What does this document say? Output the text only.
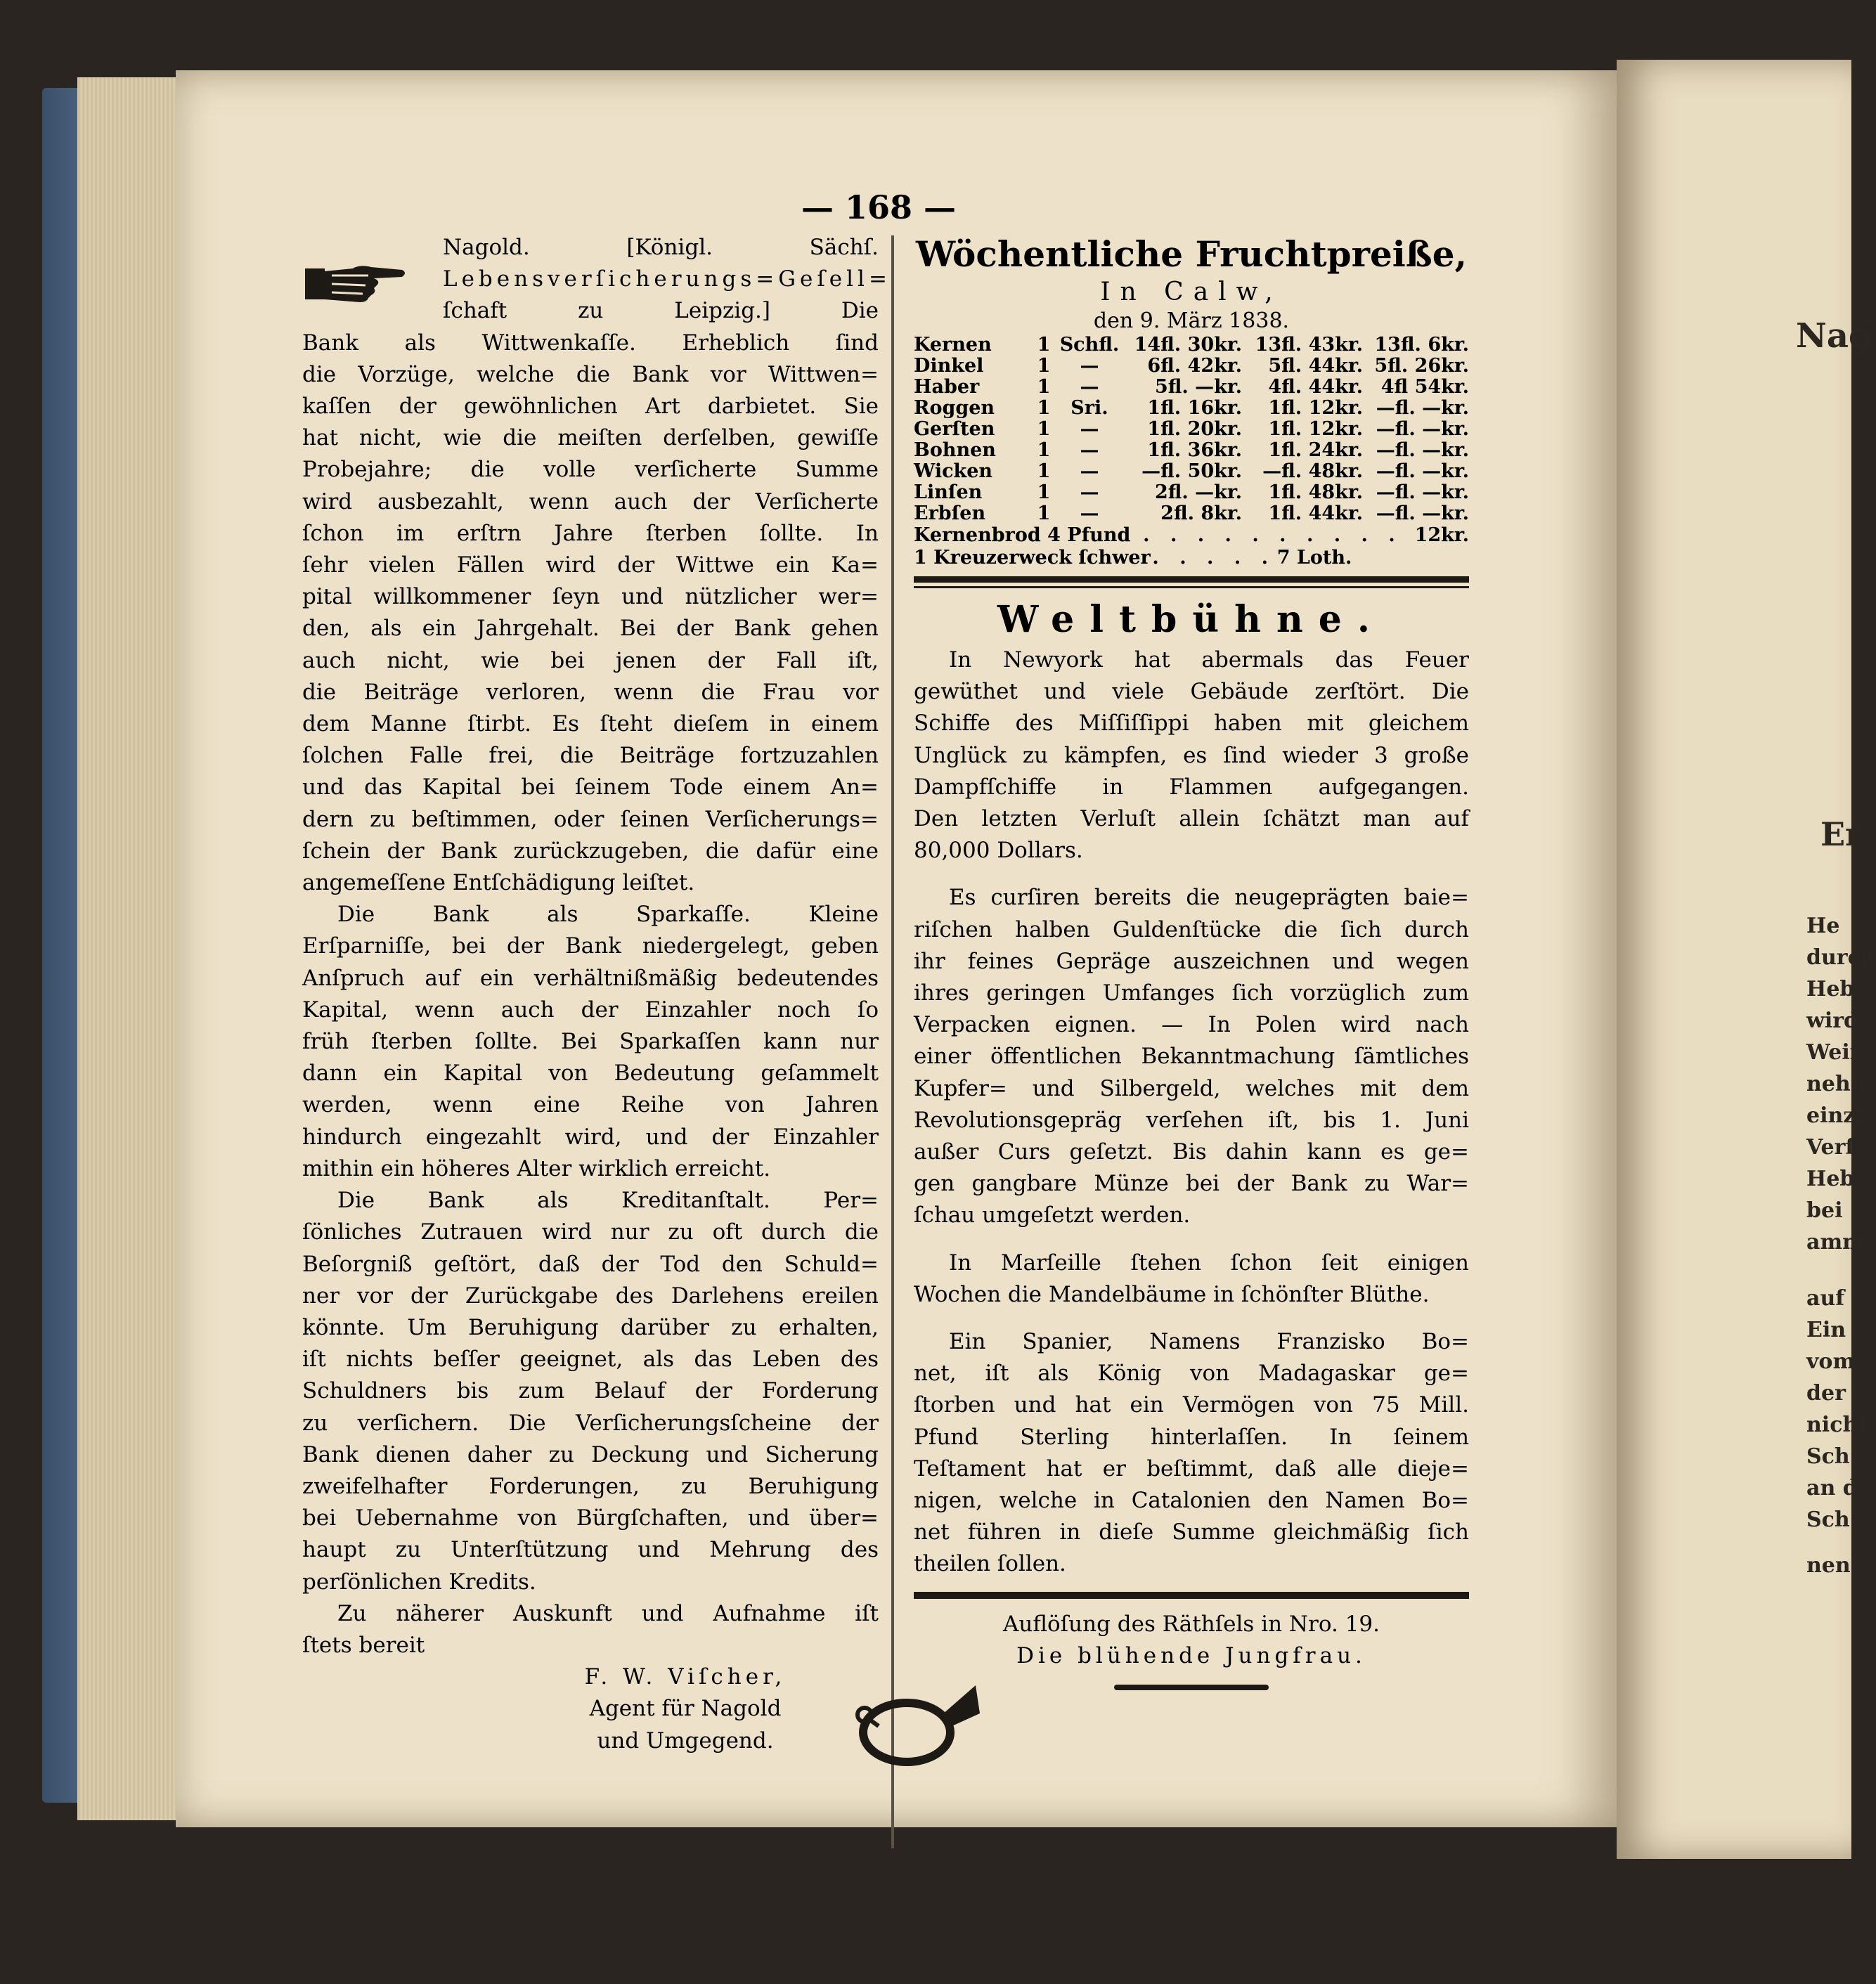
— 168 —
Nagold. [Königl. Sächſ.
Lebensverſicherungs=Geſell=
ſchaft zu Leipzig.] Die
Bank als Wittwenkaſſe. Erheblich ſind
die Vorzüge, welche die Bank vor Wittwen=
kaſſen der gewöhnlichen Art darbietet. Sie
hat nicht, wie die meiſten derſelben, gewiſſe
Probejahre; die volle verſicherte Summe
wird ausbezahlt, wenn auch der Verſicherte
ſchon im erſtrn Jahre ſterben ſollte. In
ſehr vielen Fällen wird der Wittwe ein Ka=
pital willkommener ſeyn und nützlicher wer=
den, als ein Jahrgehalt. Bei der Bank gehen
auch nicht, wie bei jenen der Fall iſt,
die Beiträge verloren, wenn die Frau vor
dem Manne ſtirbt. Es ſteht dieſem in einem
ſolchen Falle frei, die Beiträge fortzuzahlen
und das Kapital bei ſeinem Tode einem An=
dern zu beſtimmen, oder ſeinen Verſicherungs=
ſchein der Bank zurückzugeben, die dafür eine
angemeſſene Entſchädigung leiſtet.
Die Bank als Sparkaſſe. Kleine
Erſparniſſe, bei der Bank niedergelegt, geben
Anſpruch auf ein verhältnißmäßig bedeutendes
Kapital, wenn auch der Einzahler noch ſo
früh ſterben ſollte. Bei Sparkaſſen kann nur
dann ein Kapital von Bedeutung geſammelt
werden, wenn eine Reihe von Jahren
hindurch eingezahlt wird, und der Einzahler
mithin ein höheres Alter wirklich erreicht.
Die Bank als Kreditanſtalt. Per=
ſönliches Zutrauen wird nur zu oft durch die
Beſorgniß geſtört, daß der Tod den Schuld=
ner vor der Zurückgabe des Darlehens ereilen
könnte. Um Beruhigung darüber zu erhalten,
iſt nichts beſſer geeignet, als das Leben des
Schuldners bis zum Belauf der Forderung
zu verſichern. Die Verſicherungsſcheine der
Bank dienen daher zu Deckung und Sicherung
zweifelhafter Forderungen, zu Beruhigung
bei Uebernahme von Bürgſchaften, und über=
haupt zu Unterſtützung und Mehrung des
perſönlichen Kredits.
Zu näherer Auskunft und Aufnahme iſt
ſtets bereit
F. W. Viſcher,
Agent für Nagold
und Umgegend.
Wöchentliche Fruchtpreiße,
In Calw,
den 9. März 1838.
Kernen	1	Schfl.	14fl. 30kr.	13fl. 43kr.	13fl. 6kr.
Dinkel	1	—	6fl. 42kr.	5fl. 44kr.	5fl. 26kr.
Haber	1	—	5fl. —kr.	4fl. 44kr.	4fl 54kr.
Roggen	1	Sri.	1fl. 16kr.	1fl. 12kr.	—fl. —kr.
Gerſten	1	—	1fl. 20kr.	1fl. 12kr.	—fl. —kr.
Bohnen	1	—	1fl. 36kr.	1fl. 24kr.	—fl. —kr.
Wicken	1	—	—fl. 50kr.	—fl. 48kr.	—fl. —kr.
Linſen	1	—	2fl. —kr.	1fl. 48kr.	—fl. —kr.
Erbſen	1	—	2fl. 8kr.	1fl. 44kr.	—fl. —kr.
Kernenbrod 4 Pfund . . . . . . . . . . 12kr.
1 Kreuzerweck ſchwer . . . . . 7 Loth.
Weltbühne.
In Newyork hat abermals das Feuer
gewüthet und viele Gebäude zerſtört. Die
Schiffe des Miſſiſſippi haben mit gleichem
Unglück zu kämpfen, es ſind wieder 3 große
Dampfſchiffe in Flammen aufgegangen.
Den letzten Verluſt allein ſchätzt man auf
80,000 Dollars.
Es curſiren bereits die neugeprägten baie=
riſchen halben Guldenſtücke die ſich durch
ihr feines Gepräge auszeichnen und wegen
ihres geringen Umfanges ſich vorzüglich zum
Verpacken eignen. — In Polen wird nach
einer öffentlichen Bekanntmachung ſämtliches
Kupfer= und Silbergeld, welches mit dem
Revolutionsgepräg verſehen iſt, bis 1. Juni
außer Curs geſetzt. Bis dahin kann es ge=
gen gangbare Münze bei der Bank zu War=
ſchau umgeſetzt werden.
In Marſeille ſtehen ſchon ſeit einigen
Wochen die Mandelbäume in ſchönſter Blüthe.
Ein Spanier, Namens Franzisko Bo=
net, iſt als König von Madagaskar ge=
ſtorben und hat ein Vermögen von 75 Mill.
Pfund Sterling hinterlaſſen. In ſeinem
Teſtament hat er beſtimmt, daß alle dieje=
nigen, welche in Catalonien den Namen Bo=
net führen in dieſe Summe gleichmäßig ſich
theilen ſollen.
Auflöſung des Räthſels in Nro. 19.
Die blühende Jungfrau.
Nag
Er
He
durch
Heb
wird
Weiſ
nehn
einzi
Verſ
Heb
bei
amm
auf
Ein
vom
der
nicht
Sch
an d
Sch
nen
